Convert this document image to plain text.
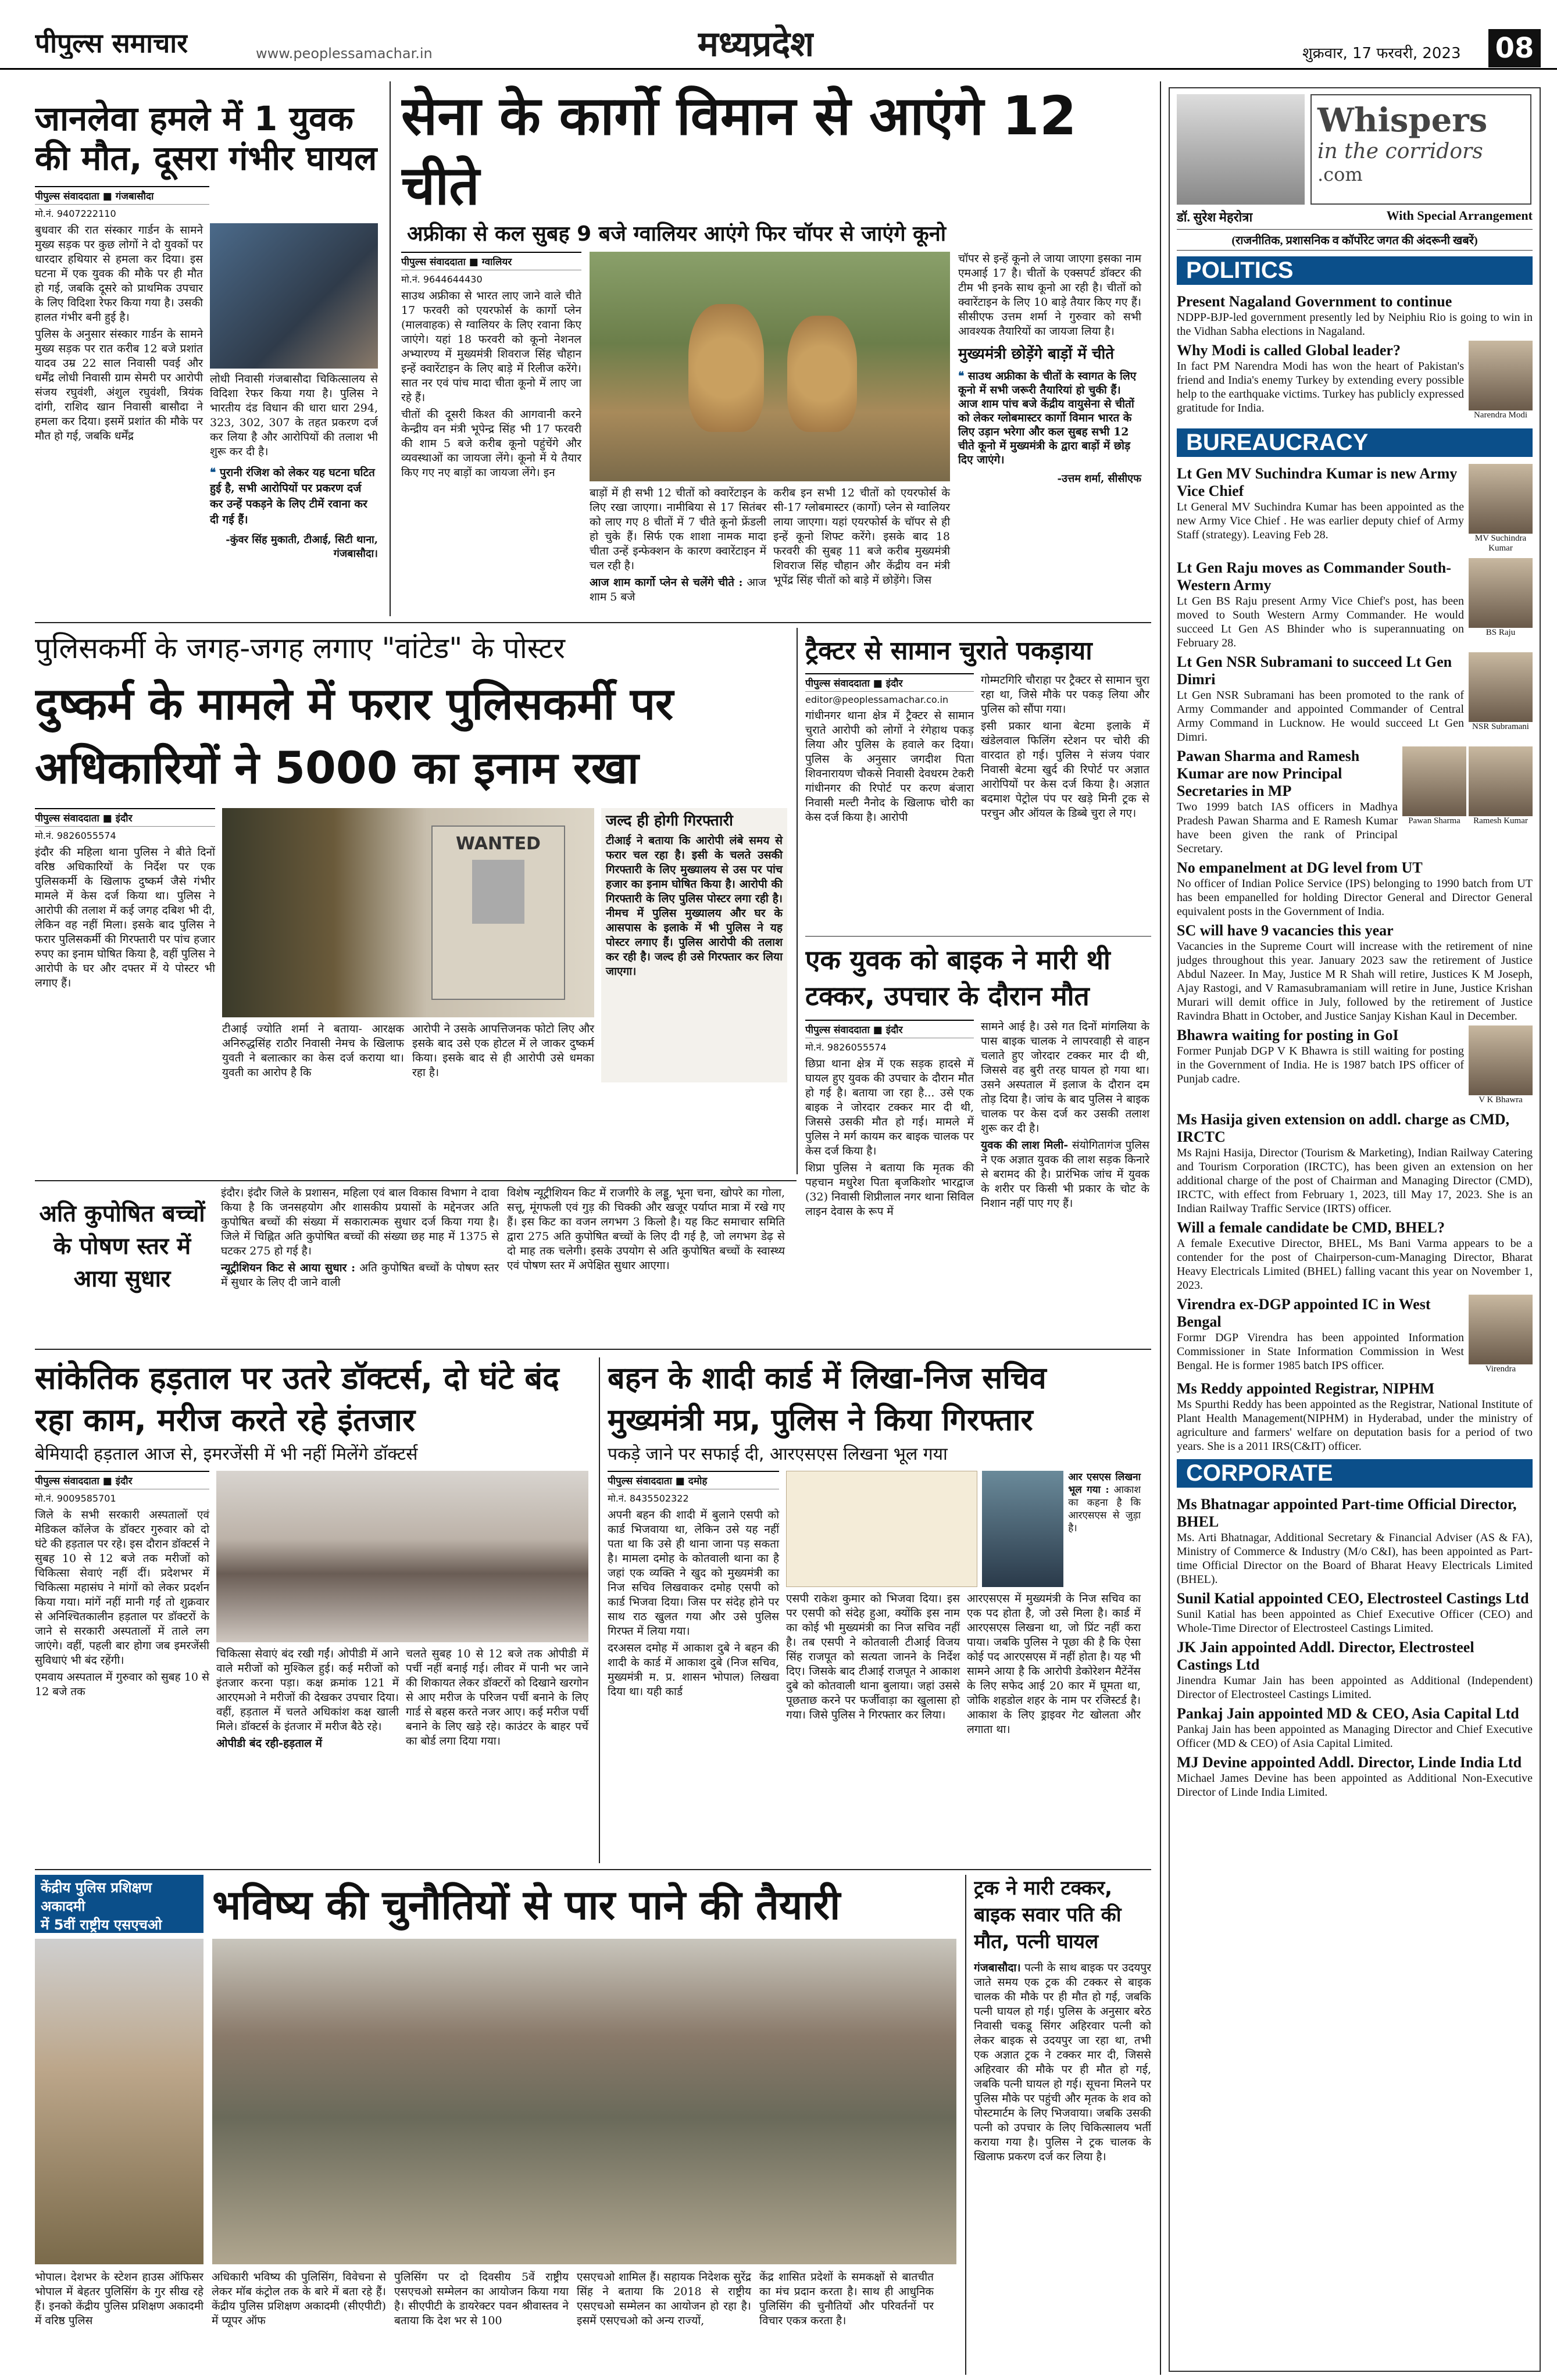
पीपुल्स समाचार	www.peoplessamachar.in	मध्यप्रदेश	शुक्रवार, 17 फरवरी, 2023 08
जानलेवा हमले में 1 युवक की मौत, दूसरा गंभीर घायल
पीपुल्स संवाददाता ■ गंजबासौदा
मो.नं. 9407222110

बुधवार की रात संस्कार गार्डन के सामने मुख्य सड़क पर कुछ लोगों ने दो युवकों पर धारदार हथियार से हमला कर दिया। इस घटना में एक युवक की मौके पर ही मौत हो गई, जबकि दूसरे को प्राथमिक उपचार के लिए विदिशा रेफर किया गया है। उसकी हालत गंभीर बनी हुई है।

पुलिस के अनुसार संस्कार गार्डन के सामने मुख्य सड़क पर रात करीब 12 बजे प्रशांत यादव उम्र 22 साल निवासी पवई और धर्मेंद्र लोधी निवासी ग्राम सेमरी पर आरोपी संजय रघुवंशी, अंशुल रघुवंशी, त्रियंक दांगी, राशिद खान निवासी बासौदा ने हमला कर दिया। इसमें प्रशांत की मौके पर मौत हो गई, जबकि धर्मेंद्र

लोधी निवासी गंजबासौदा चिकित्सालय से विदिशा रेफर किया गया है। पुलिस ने भारतीय दंड विधान की धारा धारा 294, 323, 302, 307 के तहत प्रकरण दर्ज कर लिया है और आरोपियों की तलाश भी शुरू कर दी है।

❝ पुरानी रंजिश को लेकर यह घटना घटित हुई है, सभी आरोपियों पर प्रकरण दर्ज कर उन्हें पकड़ने के लिए टीमें रवाना कर दी गई हैं।
-कुंवर सिंह मुकाती, टीआई, सिटी थाना, गंजबासौदा।
सेना के कार्गो विमान से आएंगे 12 चीते
अफ्रीका से कल सुबह 9 बजे ग्वालियर आएंगे फिर चॉपर से जाएंगे कूनो
पीपुल्स संवाददाता ■ ग्वालियर
मो.नं. 9644644430

साउथ अफ्रीका से भारत लाए जाने वाले चीते 17 फरवरी को एयरफोर्स के कार्गो प्लेन (मालवाहक) से ग्वालियर के लिए रवाना किए जाएंगे। यहां 18 फरवरी को कूनो नेशनल अभ्यारण्य में मुख्यमंत्री शिवराज सिंह चौहान इन्हें क्वारेंटाइन के लिए बाड़े में रिलीज करेंगे। सात नर एवं पांच मादा चीता कूनो में लाए जा रहे हैं।

चीतों की दूसरी किश्त की आगवानी करने केन्द्रीय वन मंत्री भूपेन्द्र सिंह भी 17 फरवरी की शाम 5 बजे करीब कूनो पहुंचेंगे और व्यवस्थाओं का जायजा लेंगे। कूनो में ये तैयार किए गए नए बाड़ों का जायजा लेंगे। इन

बाड़ों में ही सभी 12 चीतों को क्वारेंटाइन के लिए रखा जाएगा। नामीबिया से 17 सितंबर को लाए गए 8 चीतों में 7 चीते कूनो फ्रेंडली हो चुके हैं। सिर्फ एक शाशा नामक मादा चीता उन्हें इन्फेक्शन के कारण क्वारेंटाइन में चल रही है।

आज शाम कार्गो प्लेन से चलेंगे चीते : आज शाम 5 बजे

करीब इन सभी 12 चीतों को एयरफोर्स के सी-17 ग्लोबमास्टर (कार्गो) प्लेन से ग्वालियर लाया जाएगा। यहां एयरफोर्स के चॉपर से ही इन्हें कूनो शिफ्ट करेंगे। इसके बाद 18 फरवरी की सुबह 11 बजे करीब मुख्यमंत्री शिवराज सिंह चौहान और केंद्रीय वन मंत्री भूपेंद्र सिंह चीतों को बाड़े में छोड़ेंगे। जिस

चॉपर से इन्हें कूनो ले जाया जाएगा इसका नाम एमआई 17 है। चीतों के एक्सपर्ट डॉक्टर की टीम भी इनके साथ कूनो आ रही है। चीतों को क्वारेंटाइन के लिए 10 बाड़े तैयार किए गए हैं। सीसीएफ उत्तम शर्मा ने गुरुवार को सभी आवश्यक तैयारियों का जायजा लिया है।

मुख्यमंत्री छोड़ेंगे बाड़ों में चीते
❝ साउथ अफ्रीका के चीतों के स्वागत के लिए कूनो में सभी जरूरी तैयारियां हो चुकी हैं। आज शाम पांच बजे केंद्रीय वायुसेना से चीतों को लेकर ग्लोबमास्टर कार्गो विमान भारत के लिए उड़ान भरेगा और कल सुबह सभी 12 चीते कूनो में मुख्यमंत्री के द्वारा बाड़ों में छोड़ दिए जाएंगे।
-उत्तम शर्मा, सीसीएफ
पुलिसकर्मी के जगह-जगह लगाए "वांटेड" के पोस्टर
दुष्कर्म के मामले में फरार पुलिसकर्मी पर अधिकारियों ने 5000 का इनाम रखा
पीपुल्स संवाददाता ■ इंदौर
मो.नं. 9826055574

इंदौर की महिला थाना पुलिस ने बीते दिनों वरिष्ठ अधिकारियों के निर्देश पर एक पुलिसकर्मी के खिलाफ दुष्कर्म जैसे गंभीर मामले में केस दर्ज किया था। पुलिस ने आरोपी की तलाश में कई जगह दबिश भी दी, लेकिन वह नहीं मिला। इसके बाद पुलिस ने फरार पुलिसकर्मी की गिरफ्तारी पर पांच हजार रुपए का इनाम घोषित किया है, वहीं पुलिस ने आरोपी के घर और दफ्तर में ये पोस्टर भी लगाए हैं।

WANTED

टीआई ज्योति शर्मा ने बताया- आरक्षक अनिरुद्धसिंह राठौर निवासी नेमच के खिलाफ युवती ने बलात्कार का केस दर्ज कराया था। युवती का आरोप है कि

आरोपी ने उसके आपत्तिजनक फोटो लिए और इसके बाद उसे एक होटल में ले जाकर दुष्कर्म किया। इसके बाद से ही आरोपी उसे धमका रहा है।

जल्द ही होगी गिरफ्तारी

टीआई ने बताया कि आरोपी लंबे समय से फरार चल रहा है। इसी के चलते उसकी गिरफ्तारी के लिए मुख्यालय से उस पर पांच हजार का इनाम घोषित किया है। आरोपी की गिरफ्तारी के लिए पुलिस पोस्टर लगा रही है। नीमच में पुलिस मुख्यालय और घर के आसपास के इलाके में भी पुलिस ने यह पोस्टर लगाए हैं। पुलिस आरोपी की तलाश कर रही है। जल्द ही उसे गिरफ्तार कर लिया जाएगा।

ट्रैक्टर से सामान चुराते पकड़ाया
पीपुल्स संवाददाता ■ इंदौर
editor@peoplessamachar.co.in

गांधीनगर थाना क्षेत्र में ट्रैक्टर से सामान चुराते आरोपी को लोगों ने रंगेहाथ पकड़ लिया और पुलिस के हवाले कर दिया। पुलिस के अनुसार जगदीश पिता शिवनारायण चौकसे निवासी देवधरम टेकरी गांधीनगर की रिपोर्ट पर करण बंजारा निवासी मल्टी नैनोद के खिलाफ चोरी का केस दर्ज किया है। आरोपी

गोम्मटगिरि चौराहा पर ट्रैक्टर से सामान चुरा रहा था, जिसे मौके पर पकड़ लिया और पुलिस को सौंपा गया।

इसी प्रकार थाना बेटमा इलाके में खंडेलवाल फिलिंग स्टेशन पर चोरी की वारदात हो गई। पुलिस ने संजय पंवार निवासी बेटमा खुर्द की रिपोर्ट पर अज्ञात आरोपियों पर केस दर्ज किया है। अज्ञात बदमाश पेट्रोल पंप पर खड़े मिनी ट्रक से परचुन और ऑयल के डिब्बे चुरा ले गए।

एक युवक को बाइक ने मारी थी टक्कर, उपचार के दौरान मौत
पीपुल्स संवाददाता ■ इंदौर
मो.नं. 9826055574

छिप्रा थाना क्षेत्र में एक सड़क हादसे में घायल हुए युवक की उपचार के दौरान मौत हो गई है। बताया जा रहा है... उसे एक बाइक ने जोरदार टक्कर मार दी थी, जिससे उसकी मौत हो गई। मामले में पुलिस ने मर्ग कायम कर बाइक चालक पर केस दर्ज किया है।

शिप्रा पुलिस ने बताया कि मृतक की पहचान मधुरेश पिता बृजकिशोर भारद्वाज (32) निवासी शिप्रीलाल नगर थाना सिविल लाइन देवास के रूप में

सामने आई है। उसे गत दिनों मांगलिया के पास बाइक चालक ने लापरवाही से वाहन चलाते हुए जोरदार टक्कर मार दी थी, जिससे वह बुरी तरह घायल हो गया था। उसने अस्पताल में इलाज के दौरान दम तोड़ दिया है। जांच के बाद पुलिस ने बाइक चालक पर केस दर्ज कर उसकी तलाश शुरू कर दी है।

युवक की लाश मिली- संयोगितागंज पुलिस ने एक अज्ञात युवक की लाश सड़क किनारे से बरामद की है। प्रारंभिक जांच में युवक के शरीर पर किसी भी प्रकार के चोट के निशान नहीं पाए गए हैं।

अति कुपोषित बच्चों के पोषण स्तर में आया सुधार

इंदौर। इंदौर जिले के प्रशासन, महिला एवं बाल विकास विभाग ने दावा किया है कि जनसहयोग और शासकीय प्रयासों के मद्देनजर अति कुपोषित बच्चों की संख्या में सकारात्मक सुधार दर्ज किया गया है। जिले में चिह्नित अति कुपोषित बच्चों की संख्या छह माह में 1375 से घटकर 275 हो गई है।

न्यूट्रीशियन किट से आया सुधार : अति कुपोषित बच्चों के पोषण स्तर में सुधार के लिए दी जाने वाली

विशेष न्यूट्रीशियन किट में राजगीरे के लड्डू, भूना चना, खोपरे का गोला, सत्तू, मूंगफली एवं गुड़ की चिक्की और खजूर पर्याप्त मात्रा में रखे गए हैं। इस किट का वजन लगभग 3 किलो है। यह किट समाचार समिति द्वारा 275 अति कुपोषित बच्चों के लिए दी गई है, जो लगभग डेढ़ से दो माह तक चलेगी। इसके उपयोग से अति कुपोषित बच्चों के स्वास्थ्य एवं पोषण स्तर में अपेक्षित सुधार आएगा।

सांकेतिक हड़ताल पर उतरे डॉक्टर्स, दो घंटे बंद रहा काम, मरीज करते रहे इंतजार
बेमियादी हड़ताल आज से, इमरजेंसी में भी नहीं मिलेंगे डॉक्टर्स
पीपुल्स संवाददाता ■ इंदौर
मो.नं. 9009585701

जिले के सभी सरकारी अस्पतालों एवं मेडिकल कॉलेज के डॉक्टर गुरुवार को दो घंटे की हड़ताल पर रहे। इस दौरान डॉक्टर्स ने सुबह 10 से 12 बजे तक मरीजों को चिकित्सा सेवाएं नहीं दीं। प्रदेशभर में चिकित्सा महासंघ ने मांगों को लेकर प्रदर्शन किया गया। मांगें नहीं मानी गईं तो शुक्रवार से अनिश्चितकालीन हड़ताल पर डॉक्टरों के जाने से सरकारी अस्पतालों में ताले लग जाएंगे। वहीं, पहली बार होगा जब इमरजेंसी सुविधाएं भी बंद रहेंगी।

एमवाय अस्पताल में गुरुवार को सुबह 10 से 12 बजे तक

चिकित्सा सेवाएं बंद रखी गईं। ओपीडी में आने वाले मरीजों को मुश्किल हुई। कई मरीजों को इंतजार करना पड़ा। कक्ष क्रमांक 121 में आरएमओ ने मरीजों की देखकर उपचार दिया। वहीं, हड़ताल में चलते अधिकांश कक्ष खाली मिले। डॉक्टर्स के इंतजार में मरीज बैठे रहे।

ओपीडी बंद रही-हड़ताल में

चलते सुबह 10 से 12 बजे तक ओपीडी में पर्ची नहीं बनाई गई। लीवर में पानी भर जाने की शिकायत लेकर डॉक्टरों को दिखाने खरगोन से आए मरीज के परिजन पर्ची बनाने के लिए गार्ड से बहस करते नजर आए। कई मरीज पर्ची बनाने के लिए खड़े रहे। काउंटर के बाहर पर्चे का बोर्ड लगा दिया गया।

बहन के शादी कार्ड में लिखा-निज सचिव मुख्यमंत्री मप्र, पुलिस ने किया गिरफ्तार
पकड़े जाने पर सफाई दी, आरएसएस लिखना भूल गया
पीपुल्स संवाददाता ■ दमोह
मो.नं. 8435502322

अपनी बहन की शादी में बुलाने एसपी को कार्ड भिजवाया था, लेकिन उसे यह नहीं पता था कि उसे ही थाना जाना पड़ सकता है। मामला दमोह के कोतवाली थाना का है जहां एक व्यक्ति ने खुद को मुख्यमंत्री का निज सचिव लिखवाकर दमोह एसपी को कार्ड भिजवा दिया। जिस पर संदेह होने पर साथ राठ खुलत गया और उसे पुलिस गिरफ्त में लिया गया।

दरअसल दमोह में आकाश दुबे ने बहन की शादी के कार्ड में आकाश दुबे (निज सचिव, मुख्यमंत्री म. प्र. शासन भोपाल) लिखवा दिया था। यही कार्ड

आर एसएस लिखना भूल गया : आकाश का कहना है कि आरएसएस से जुड़ा है।

एसपी राकेश कुमार को भिजवा दिया। इस पर एसपी को संदेह हुआ, क्योंकि इस नाम का कोई भी मुख्यमंत्री का निज सचिव नहीं है। तब एसपी ने कोतवाली टीआई विजय सिंह राजपूत को सत्यता जानने के निर्देश दिए। जिसके बाद टीआई राजपूत ने आकाश दुबे को कोतवाली थाना बुलाया। जहां उससे पूछताछ करने पर फर्जीवाड़ा का खुलासा हो गया। जिसे पुलिस ने गिरफ्तार कर लिया।

आरएसएस में मुख्यमंत्री के निज सचिव का एक पद होता है, जो उसे मिला है। कार्ड में आरएसएस लिखना था, जो प्रिंट नहीं करा पाया। जबकि पुलिस ने पूछा की है कि ऐसा कोई पद आरएसएस में नहीं होता है। यह भी सामने आया है कि आरोपी डेकोरेशन मैटेंनेंस के लिए सफेद आई 20 कार में घूमता था, जोकि शहडोल शहर के नाम पर रजिस्टर्ड है। आकाश के लिए ड्राइवर गेट खोलता और लगाता था।

केंद्रीय पुलिस प्रशिक्षण अकादमी
में 5वीं राष्ट्रीय एसएचओ	भविष्य की चुनौतियों से पार पाने की तैयारी

भोपाल। देशभर के स्टेशन हाउस ऑफिसर भोपाल में बेहतर पुलिसिंग के गुर सीख रहे हैं। इनको केंद्रीय पुलिस प्रशिक्षण अकादमी में वरिष्ठ पुलिस

अधिकारी भविष्य की पुलिसिंग, विवेचना से लेकर मॉब कंट्रोल तक के बारे में बता रहे हैं। केंद्रीय पुलिस प्रशिक्षण अकादमी (सीएपीटी) में प्यूपर ऑफ

पुलिसिंग पर दो दिवसीय 5वें राष्ट्रीय एसएचओ सम्मेलन का आयोजन किया गया है। सीएपीटी के डायरेक्टर पवन श्रीवास्तव ने बताया कि देश भर से 100

एसएचओ शामिल हैं। सहायक निदेशक सुरेंद्र सिंह ने बताया कि 2018 से राष्ट्रीय एसएचओ सम्मेलन का आयोजन हो रहा है। इसमें एसएचओ को अन्य राज्यों,

केंद्र शासित प्रदेशों के समकक्षों से बातचीत का मंच प्रदान करता है। साथ ही आधुनिक पुलिसिंग की चुनौतियों और परिवर्तनों पर विचार एकत्र करता है।

ट्रक ने मारी टक्कर, बाइक सवार पति की मौत, पत्नी घायल

गंजबासौदा। पत्नी के साथ बाइक पर उदयपुर जाते समय एक ट्रक की टक्कर से बाइक चालक की मौके पर ही मौत हो गई, जबकि पत्नी घायल हो गई। पुलिस के अनुसार बरेठ निवासी चकडू सिंगर अहिरवार पत्नी को लेकर बाइक से उदयपुर जा रहा था, तभी एक अज्ञात ट्रक ने टक्कर मार दी, जिससे अहिरवार की मौके पर ही मौत हो गई, जबकि पत्नी घायल हो गई। सूचना मिलने पर पुलिस मौके पर पहुंची और मृतक के शव को पोस्टमार्टम के लिए भिजवाया। जबकि उसकी पत्नी को उपचार के लिए चिकित्सालय भर्ती कराया गया है। पुलिस ने ट्रक चालक के खिलाफ प्रकरण दर्ज कर लिया है।

Whispers
in the corridors
.com
डॉ. सुरेश मेहरोत्रा	With Special Arrangement
(राजनीतिक, प्रशासनिक व कॉर्पोरेट जगत की अंदरूनी खबरें)
POLITICS
Present Nagaland Government to continue

NDPP-BJP-led government presently led by Neiphiu Rio is going to win in the Vidhan Sabha elections in Nagaland.

Narendra Modi
Why Modi is called Global leader?

In fact PM Narendra Modi has won the heart of Pakistan's friend and India's enemy Turkey by extending every possible help to the earthquake victims. Turkey has publicly expressed gratitude for India.

BUREAUCRACY
MV Suchindra Kumar
Lt Gen MV Suchindra Kumar is new Army Vice Chief

Lt General MV Suchindra Kumar has been appointed as the new Army Vice Chief . He was earlier deputy chief of Army Staff (strategy). Leaving Feb 28.

BS Raju
Lt Gen Raju moves as Commander South-Western Army

Lt Gen BS Raju present Army Vice Chief's post, has been moved to South Western Army Commander. He would succeed Lt Gen AS Bhinder who is superannuating on February 28.

NSR Subramani
Lt Gen NSR Subramani to succeed Lt Gen Dimri

Lt Gen NSR Subramani has been promoted to the rank of Army Commander and appointed Commander of Central Army Command in Lucknow. He would succeed Lt Gen Dimri.

Pawan Sharma	Ramesh Kumar
Pawan Sharma and Ramesh Kumar are now Principal Secretaries in MP

Two 1999 batch IAS officers in Madhya Pradesh Pawan Sharma and E Ramesh Kumar have been given the rank of Principal Secretary.

No empanelment at DG level from UT

No officer of Indian Police Service (IPS) belonging to 1990 batch from UT has been empanelled for holding Director General and Director General equivalent posts in the Government of India.

SC will have 9 vacancies this year

Vacancies in the Supreme Court will increase with the retirement of nine judges throughout this year. January 2023 saw the retirement of Justice Abdul Nazeer. In May, Justice M R Shah will retire, Justices K M Joseph, Ajay Rastogi, and V Ramasubramaniam will retire in June, Justice Krishan Murari will demit office in July, followed by the retirement of Justice Ravindra Bhatt in October, and Justice Sanjay Kishan Kaul in December.

V K Bhawra
Bhawra waiting for posting in GoI

Former Punjab DGP V K Bhawra is still waiting for posting in the Government of India. He is 1987 batch IPS officer of Punjab cadre.

Ms Hasija given extension on addl. charge as CMD, IRCTC

Ms Rajni Hasija, Director (Tourism & Marketing), Indian Railway Catering and Tourism Corporation (IRCTC), has been given an extension on her additional charge of the post of Chairman and Managing Director (CMD), IRCTC, with effect from February 1, 2023, till May 17, 2023. She is an Indian Railway Traffic Service (IRTS) officer.

Will a female candidate be CMD, BHEL?

A female Executive Director, BHEL, Ms Bani Varma appears to be a contender for the post of Chairperson-cum-Managing Director, Bharat Heavy Electricals Limited (BHEL) falling vacant this year on November 1, 2023.

Virendra
Virendra ex-DGP appointed IC in West Bengal

Formr DGP Virendra has been appointed Information Commissioner in State Information Commission in West Bengal. He is former 1985 batch IPS officer.

Ms Reddy appointed Registrar, NIPHM

Ms Spurthi Reddy has been appointed as the Registrar, National Institute of Plant Health Management(NIPHM) in Hyderabad, under the ministry of agriculture and farmers' welfare on deputation basis for a period of two years. She is a 2011 IRS(C&IT) officer.

CORPORATE
Ms Bhatnagar appointed Part-time Official Director, BHEL

Ms. Arti Bhatnagar, Additional Secretary & Financial Adviser (AS & FA), Ministry of Commerce & Industry (M/o C&I), has been appointed as Part-time Official Director on the Board of Bharat Heavy Electricals Limited (BHEL).

Sunil Katial appointed CEO, Electrosteel Castings Ltd

Sunil Katial has been appointed as Chief Executive Officer (CEO) and Whole-Time Director of Electrosteel Castings Limited.

JK Jain appointed Addl. Director, Electrosteel Castings Ltd

Jinendra Kumar Jain has been appointed as Additional (Independent) Director of Electrosteel Castings Limited.

Pankaj Jain appointed MD & CEO, Asia Capital Ltd

Pankaj Jain has been appointed as Managing Director and Chief Executive Officer (MD & CEO) of Asia Capital Limited.

MJ Devine appointed Addl. Director, Linde India Ltd

Michael James Devine has been appointed as Additional Non-Executive Director of Linde India Limited.
